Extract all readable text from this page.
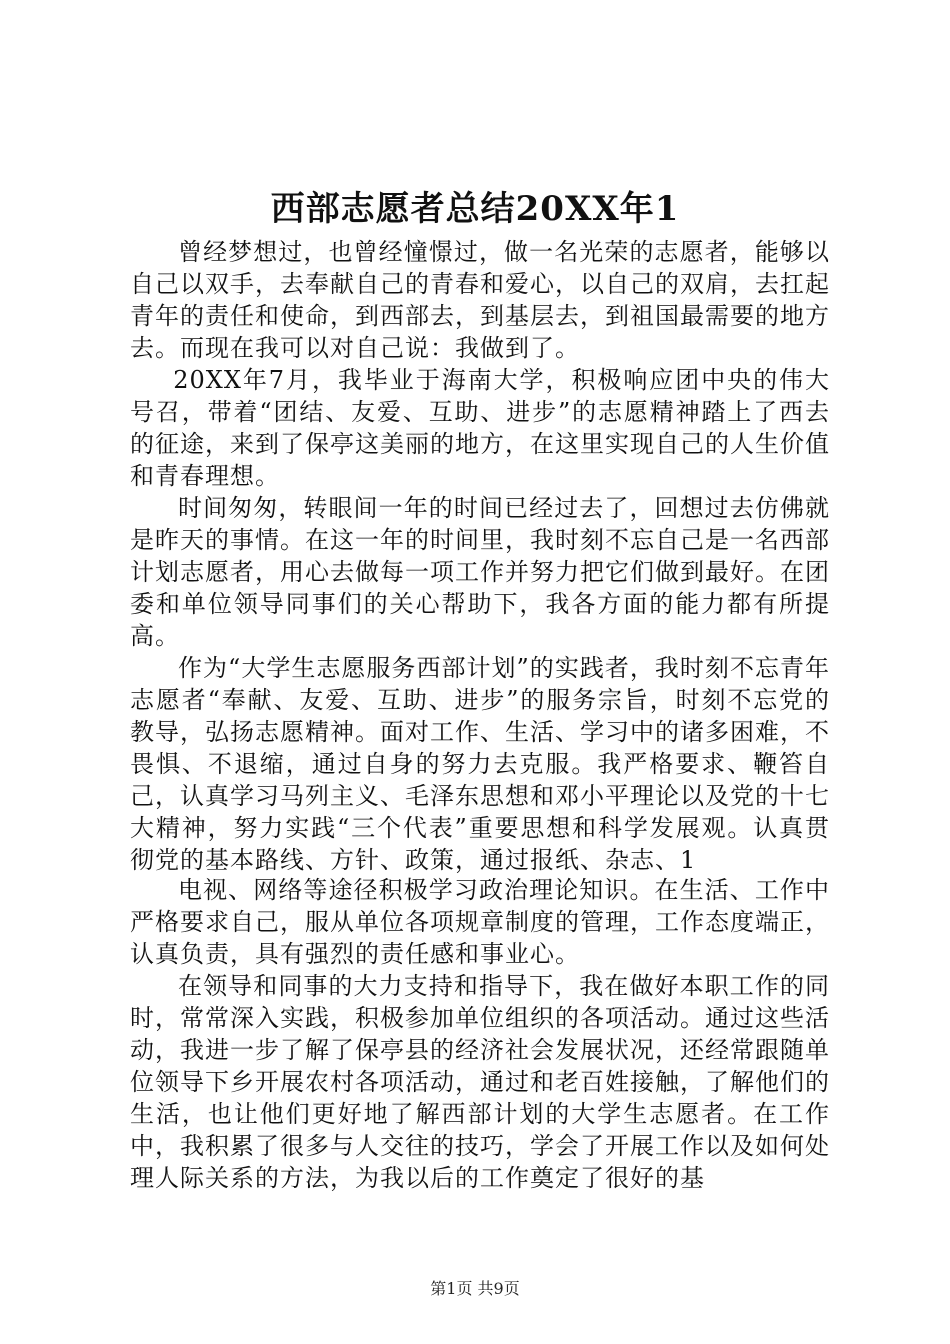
西部志愿者总结20XX年1

曾经梦想过，也曾经憧憬过，做一名光荣的志愿者，能够以自己以双手，去奉献自己的青春和爱心，以自己的双肩，去扛起青年的责任和使命，到西部去，到基层去，到祖国最需要的地方去。而现在我可以对自己说：我做到了。

20XX年7月，我毕业于海南大学，积极响应团中央的伟大号召，带着“团结、友爱、互助、进步”的志愿精神踏上了西去的征途，来到了保亭这美丽的地方，在这里实现自己的人生价值和青春理想。

时间匆匆，转眼间一年的时间已经过去了，回想过去仿佛就是昨天的事情。在这一年的时间里，我时刻不忘自己是一名西部计划志愿者，用心去做每一项工作并努力把它们做到最好。在团委和单位领导同事们的关心帮助下，我各方面的能力都有所提高。

作为“大学生志愿服务西部计划”的实践者，我时刻不忘青年志愿者“奉献、友爱、互助、进步”的服务宗旨，时刻不忘党的教导，弘扬志愿精神。面对工作、生活、学习中的诸多困难，不畏惧、不退缩，通过自身的努力去克服。我严格要求、鞭笞自己，认真学习马列主义、毛泽东思想和邓小平理论以及党的十七大精神，努力实践“三个代表”重要思想和科学发展观。认真贯彻党的基本路线、方针、政策，通过报纸、杂志、1

电视、网络等途径积极学习政治理论知识。在生活、工作中严格要求自己，服从单位各项规章制度的管理，工作态度端正，认真负责，具有强烈的责任感和事业心。

在领导和同事的大力支持和指导下，我在做好本职工作的同时，常常深入实践，积极参加单位组织的各项活动。通过这些活动，我进一步了解了保亭县的经济社会发展状况，还经常跟随单位领导下乡开展农村各项活动，通过和老百姓接触，了解他们的生活，也让他们更好地了解西部计划的大学生志愿者。在工作中，我积累了很多与人交往的技巧，学会了开展工作以及如何处理人际关系的方法，为我以后的工作奠定了很好的基

第1页 共9页
